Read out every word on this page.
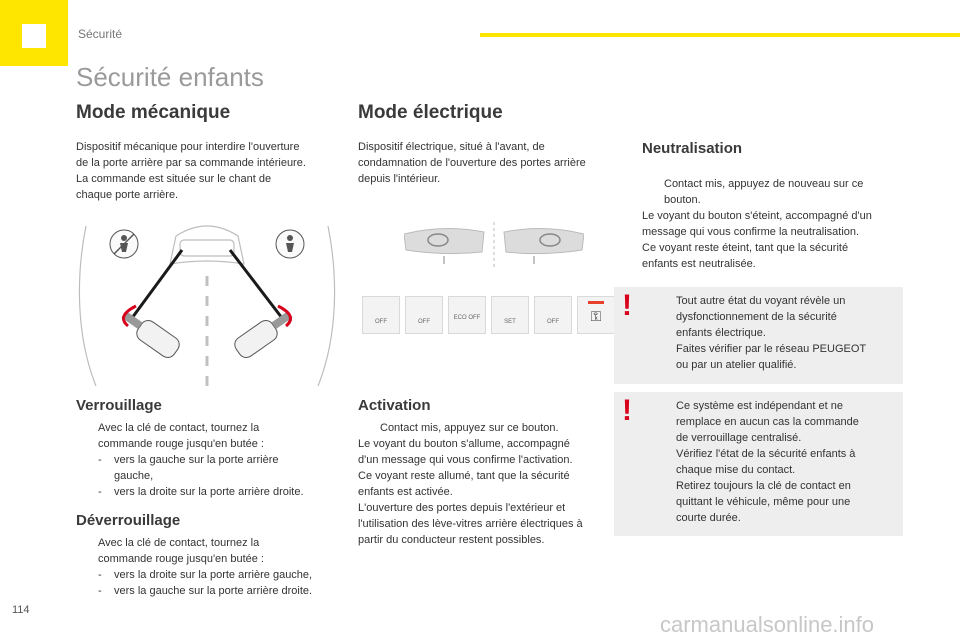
Sécurité
Sécurité enfants
Mode mécanique

Dispositif mécanique pour interdire l'ouverture

de la porte arrière par sa commande intérieure.

La commande est située sur le chant de

chaque porte arrière.

Verrouillage

Avec la clé de contact, tournez la

commande rouge jusqu'en butée :

- vers la gauche sur la porte arrière

gauche,

- vers la droite sur la porte arrière droite.

Déverrouillage

Avec la clé de contact, tournez la

commande rouge jusqu'en butée :

- vers la droite sur la porte arrière gauche,

- vers la gauche sur la porte arrière droite.

Mode électrique

Dispositif électrique, situé à l'avant, de

condamnation de l'ouverture des portes arrière

depuis l'intérieur.

OFF	OFF
ECO OFF
SET	OFF	⚿
Activation

Contact mis, appuyez sur ce bouton.

Le voyant du bouton s'allume, accompagné

d'un message qui vous confirme l'activation.

Ce voyant reste allumé, tant que la sécurité

enfants est activée.

L'ouverture des portes depuis l'extérieur et

l'utilisation des lève-vitres arrière électriques à

partir du conducteur restent possibles.

Neutralisation

Contact mis, appuyez de nouveau sur ce

bouton.

Le voyant du bouton s'éteint, accompagné d'un

message qui vous confirme la neutralisation.

Ce voyant reste éteint, tant que la sécurité

enfants est neutralisée.

!	Tout autre état du voyant révèle un

dysfonctionnement de la sécurité

enfants électrique.

Faites vérifier par le réseau PEUGEOT

ou par un atelier qualifié.

!	Ce système est indépendant et ne

remplace en aucun cas la commande

de verrouillage centralisé.

Vérifiez l'état de la sécurité enfants à

chaque mise du contact.

Retirez toujours la clé de contact en

quittant le véhicule, même pour une

courte durée.

114
carmanualsonline.info
